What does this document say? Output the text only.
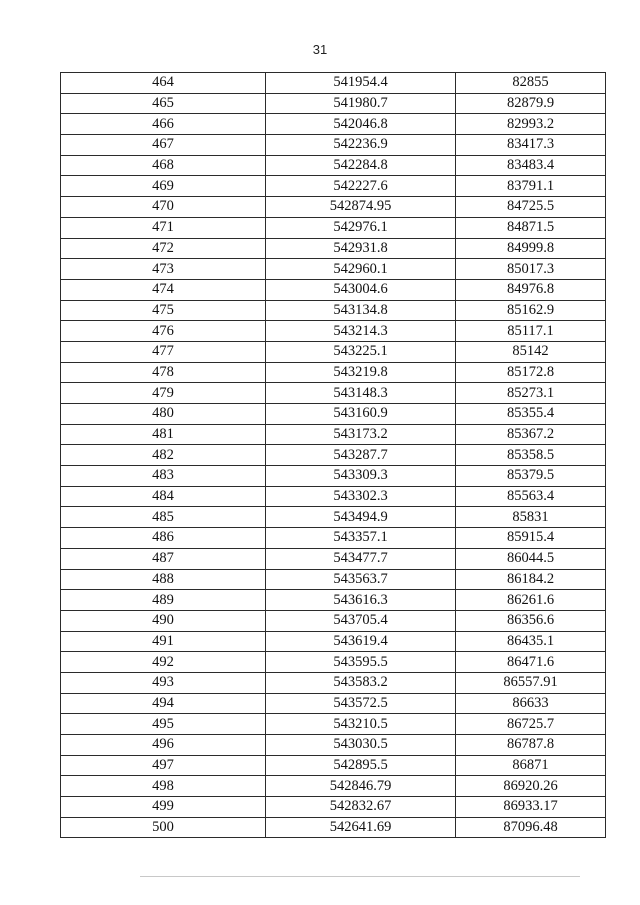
31
464	541954.4	82855
465	541980.7	82879.9
466	542046.8	82993.2
467	542236.9	83417.3
468	542284.8	83483.4
469	542227.6	83791.1
470	542874.95	84725.5
471	542976.1	84871.5
472	542931.8	84999.8
473	542960.1	85017.3
474	543004.6	84976.8
475	543134.8	85162.9
476	543214.3	85117.1
477	543225.1	85142
478	543219.8	85172.8
479	543148.3	85273.1
480	543160.9	85355.4
481	543173.2	85367.2
482	543287.7	85358.5
483	543309.3	85379.5
484	543302.3	85563.4
485	543494.9	85831
486	543357.1	85915.4
487	543477.7	86044.5
488	543563.7	86184.2
489	543616.3	86261.6
490	543705.4	86356.6
491	543619.4	86435.1
492	543595.5	86471.6
493	543583.2	86557.91
494	543572.5	86633
495	543210.5	86725.7
496	543030.5	86787.8
497	542895.5	86871
498	542846.79	86920.26
499	542832.67	86933.17
500	542641.69	87096.48
